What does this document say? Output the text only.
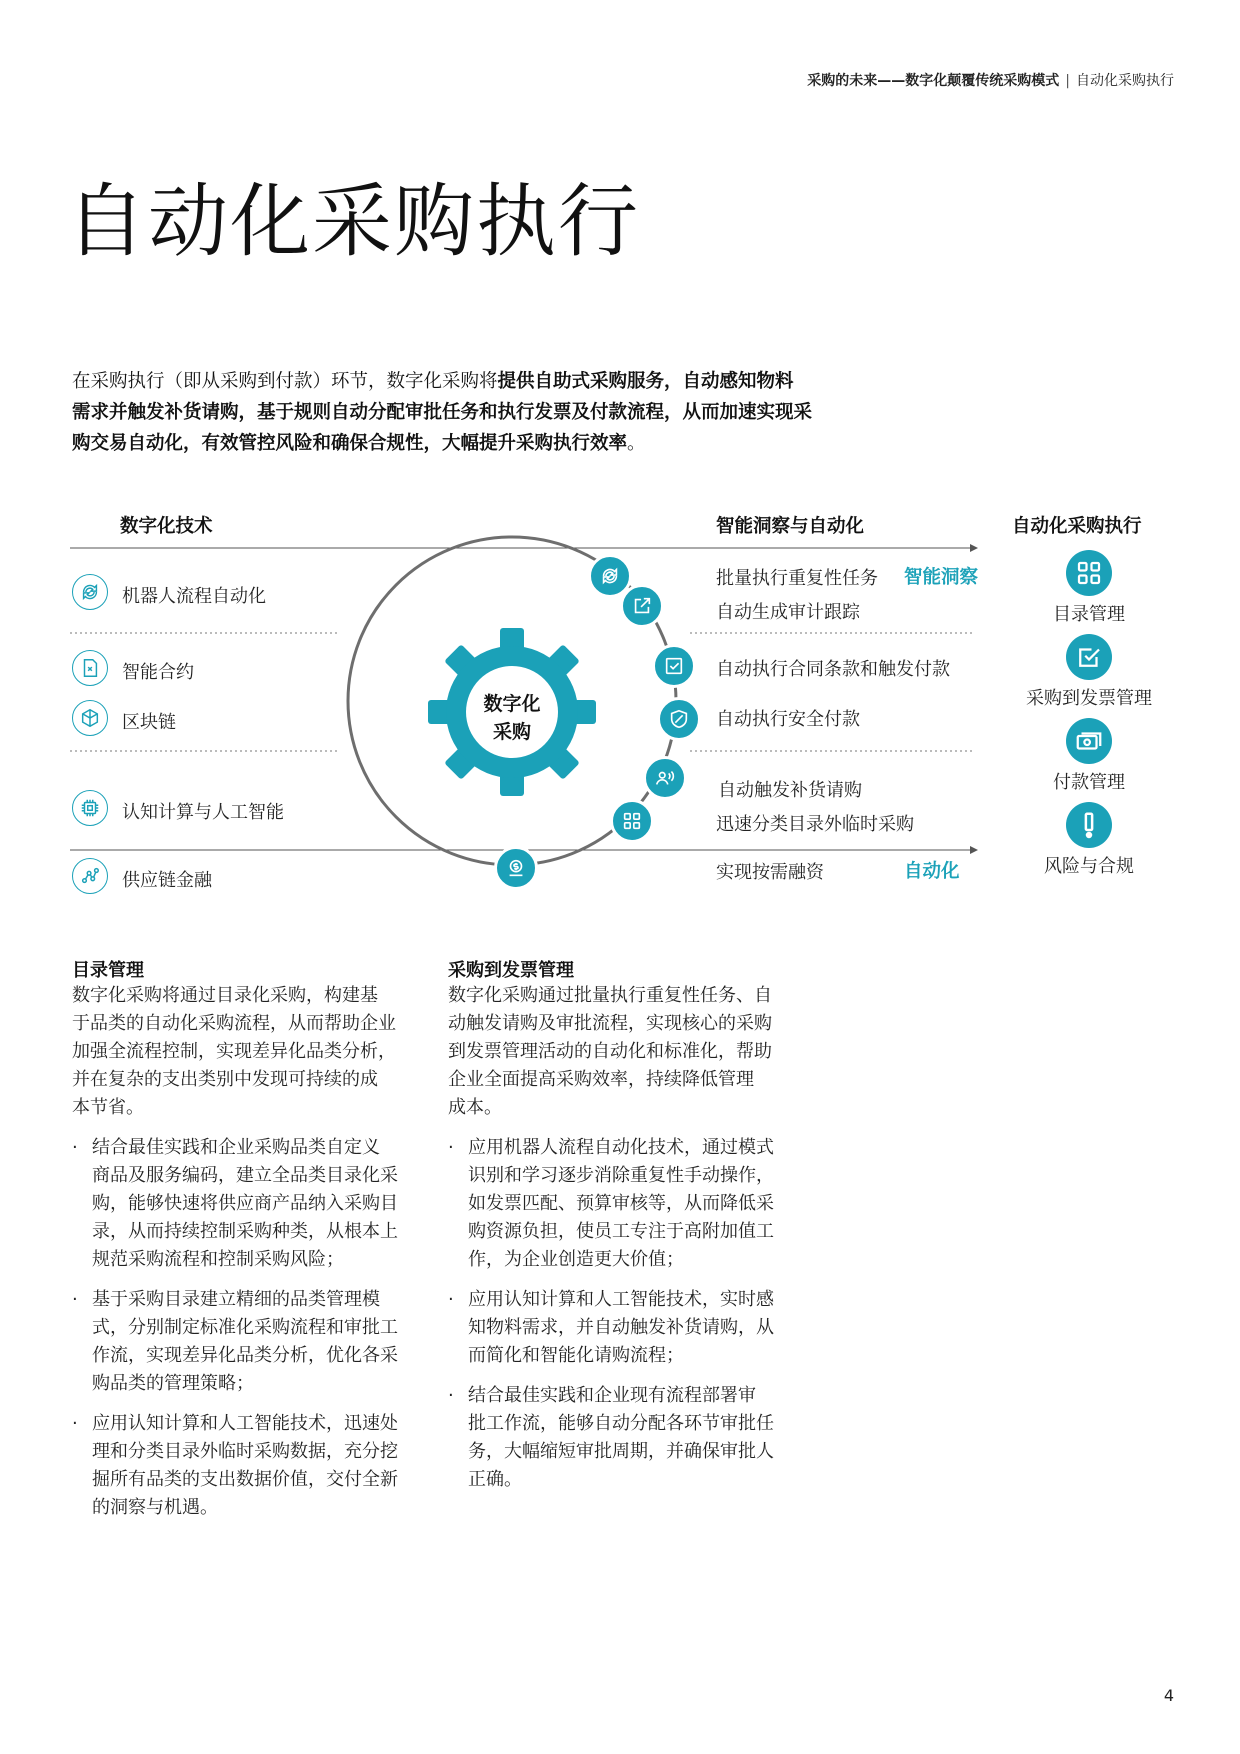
采购的未来——数字化颠覆传统采购模式 | 自动化采购执行
自动化采购执行
在采购执行（即从采购到付款）环节，数字化采购将提供自助式采购服务，自动感知物料需求并触发补货请购，基于规则自动分配审批任务和执行发票及付款流程，从而加速实现采购交易自动化，有效管控风险和确保合规性，大幅提升采购执行效率。
数字化技术	智能洞察与自动化	自动化采购执行
数字化
采购
机器人流程自动化
智能合约
区块链
认知计算与人工智能
供应链金融
批量执行重复性任务 智能洞察
自动生成审计跟踪
自动执行合同条款和触发付款
自动执行安全付款
自动触发补货请购
迅速分类目录外临时采购
实现按需融资	自动化
目录管理
采购到发票管理
付款管理
风险与合规
目录管理
数字化采购将通过目录化采购，构建基
于品类的自动化采购流程，从而帮助企业
加强全流程控制，实现差异化品类分析，
并在复杂的支出类别中发现可持续的成
本节省。
· 结合最佳实践和企业采购品类自定义
商品及服务编码，建立全品类目录化采
购，能够快速将供应商产品纳入采购目
录，从而持续控制采购种类，从根本上
规范采购流程和控制采购风险；
· 基于采购目录建立精细的品类管理模
式，分别制定标准化采购流程和审批工
作流，实现差异化品类分析，优化各采
购品类的管理策略；
· 应用认知计算和人工智能技术，迅速处
理和分类目录外临时采购数据，充分挖
掘所有品类的支出数据价值，交付全新
的洞察与机遇。
采购到发票管理
数字化采购通过批量执行重复性任务、自
动触发请购及审批流程，实现核心的采购
到发票管理活动的自动化和标准化，帮助
企业全面提高采购效率，持续降低管理
成本。
· 应用机器人流程自动化技术，通过模式
识别和学习逐步消除重复性手动操作，
如发票匹配、预算审核等，从而降低采
购资源负担，使员工专注于高附加值工
作，为企业创造更大价值；
· 应用认知计算和人工智能技术，实时感
知物料需求，并自动触发补货请购，从
而简化和智能化请购流程；
· 结合最佳实践和企业现有流程部署审
批工作流，能够自动分配各环节审批任
务，大幅缩短审批周期，并确保审批人
正确。
4
